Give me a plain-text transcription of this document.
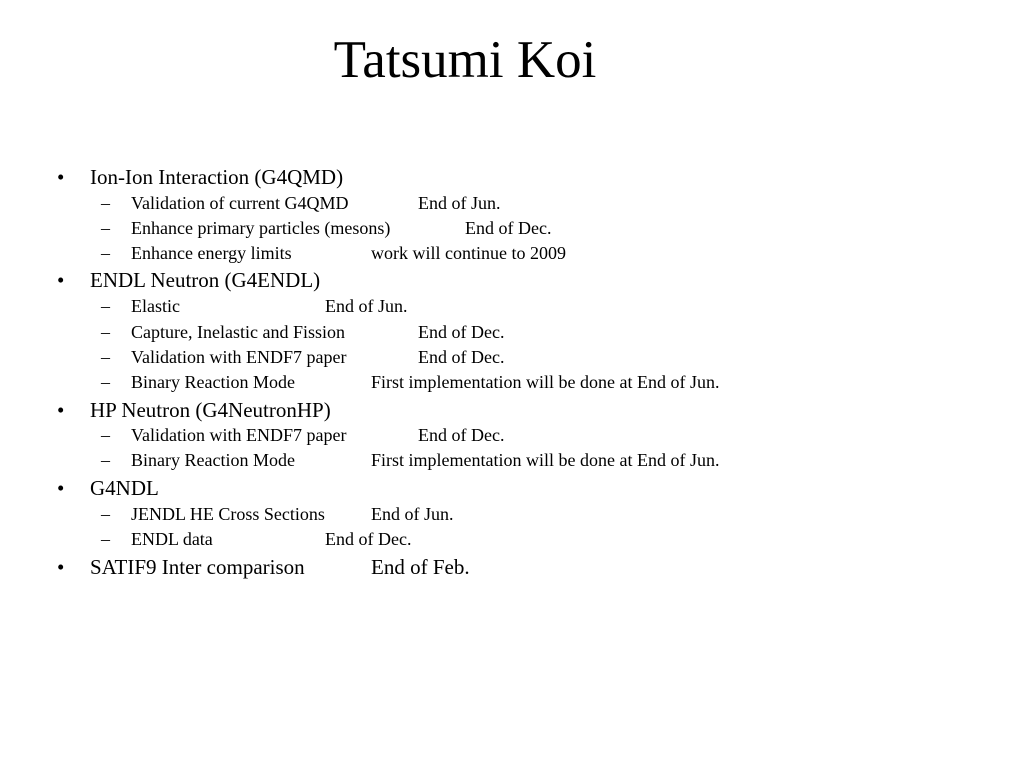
Tatsumi Koi
• Ion-Ion Interaction (G4QMD)
– Validation of current G4QMD	End of Jun.
– Enhance primary particles (mesons)	End of Dec.
– Enhance energy limits	work will continue to 2009
• ENDL Neutron (G4ENDL)
– Elastic	End of Jun.
– Capture, Inelastic and Fission	End of Dec.
– Validation with ENDF7 paper	End of Dec.
– Binary Reaction Mode	First implementation will be done at End of Jun.
• HP Neutron (G4NeutronHP)
– Validation with ENDF7 paper	End of Dec.
– Binary Reaction Mode	First implementation will be done at End of Jun.
• G4NDL
– JENDL HE Cross Sections	End of Jun.
– ENDL data	End of Dec.
• SATIF9 Inter comparison	End of Feb.
